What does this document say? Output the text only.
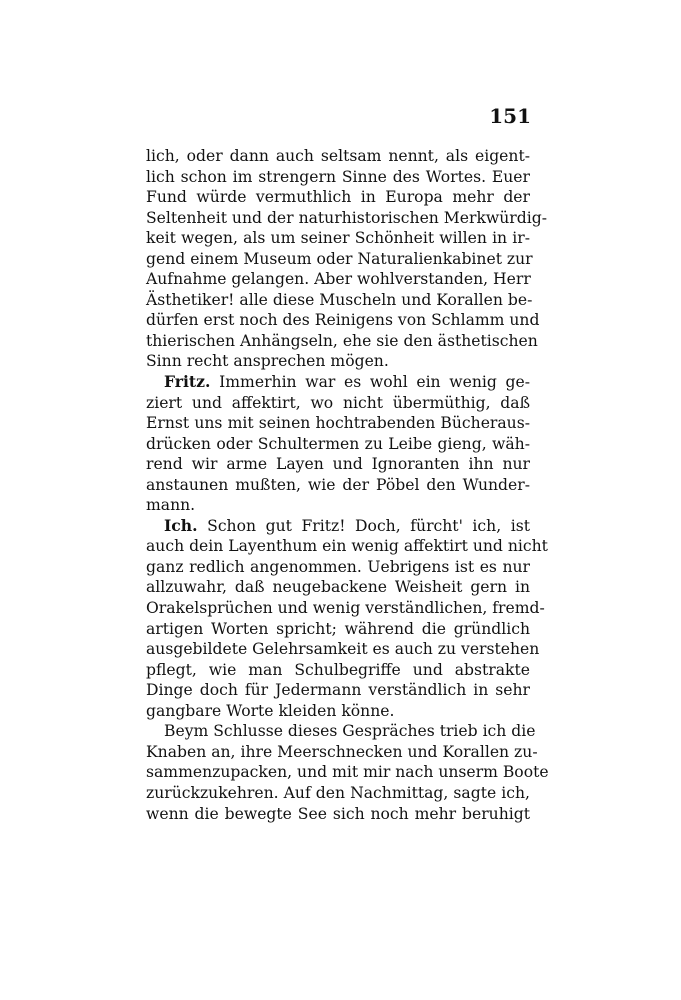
151
lich, oder dann auch seltsam nennt, als eigent-
lich schon im strengern Sinne des Wortes. Euer
Fund würde vermuthlich in Europa mehr der
Seltenheit und der naturhistorischen Merkwürdig-
keit wegen, als um seiner Schönheit willen in ir-
gend einem Museum oder Naturalienkabinet zur
Aufnahme gelangen. Aber wohlverstanden, Herr
Ästhetiker! alle diese Muscheln und Korallen be-
dürfen erst noch des Reinigens von Schlamm und
thierischen Anhängseln, ehe sie den ästhetischen
Sinn recht ansprechen mögen.
Fritz. Immerhin war es wohl ein wenig ge-
ziert und affektirt, wo nicht übermüthig, daß
Ernst uns mit seinen hochtrabenden Bücheraus-
drücken oder Schultermen zu Leibe gieng, wäh-
rend wir arme Layen und Ignoranten ihn nur
anstaunen mußten, wie der Pöbel den Wunder-
mann.
Ich. Schon gut Fritz! Doch, fürcht' ich, ist
auch dein Layenthum ein wenig affektirt und nicht
ganz redlich angenommen. Uebrigens ist es nur
allzuwahr, daß neugebackene Weisheit gern in
Orakelsprüchen und wenig verständlichen, fremd-
artigen Worten spricht; während die gründlich
ausgebildete Gelehrsamkeit es auch zu verstehen
pflegt, wie man Schulbegriffe und abstrakte
Dinge doch für Jedermann verständlich in sehr
gangbare Worte kleiden könne.
Beym Schlusse dieses Gespräches trieb ich die
Knaben an, ihre Meerschnecken und Korallen zu-
sammenzupacken, und mit mir nach unserm Boote
zurückzukehren. Auf den Nachmittag, sagte ich,
wenn die bewegte See sich noch mehr beruhigt
